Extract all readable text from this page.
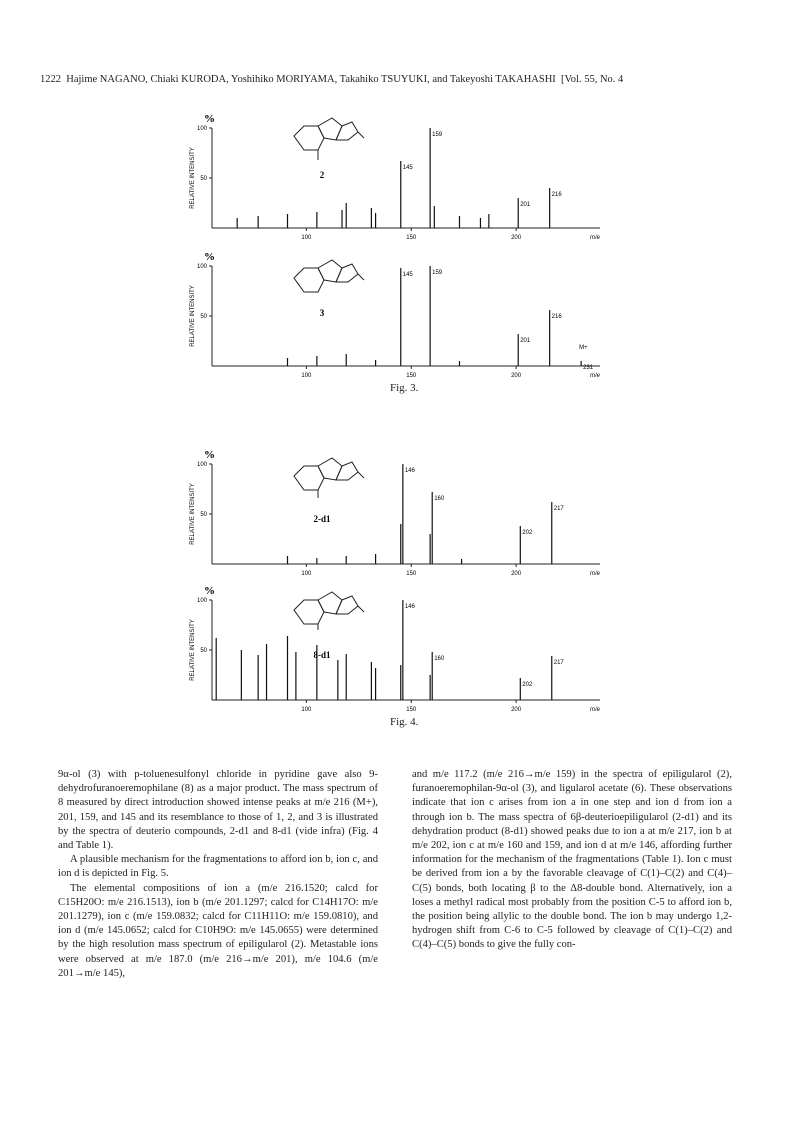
1222 Hajime NAGANO, Chiaki KURODA, Yoshihiko MORIYAMA, Takahiko TSUYUKI, and Takeyoshi TAKAHASHI [Vol. 55, No. 4
%
RELATIVE INTENSITY 50
100
100	150	200	m/e
145
159
201
216
2
%
RELATIVE INTENSITY 50
100
100	150	200	m/e
145	159
201
216
231
M+
3
Fig. 3.
%
RELATIVE INTENSITY 50
100
100	150	200	m/e
146
160
202
217
2-d1
%
RELATIVE INTENSITY 50
100
100	150	200	m/e
146
160
202
217
8-d1
Fig. 4.

9α-ol (3) with p-toluenesulfonyl chloride in pyridine gave also 9-dehydrofuranoeremophilane (8) as a major product. The mass spectrum of 8 measured by direct introduction showed intense peaks at m/e 216 (M+), 201, 159, and 145 and its resemblance to those of 1, 2, and 3 is illustrated by the spectra of deuterio compounds, 2-d1 and 8-d1 (vide infra) (Fig. 4 and Table 1).

A plausible mechanism for the fragmentations to afford ion b, ion c, and ion d is depicted in Fig. 5.

The elemental compositions of ion a (m/e 216.1520; calcd for C15H20O: m/e 216.1513), ion b (m/e 201.1297; calcd for C14H17O: m/e 201.1279), ion c (m/e 159.0832; calcd for C11H11O: m/e 159.0810), and ion d (m/e 145.0652; calcd for C10H9O: m/e 145.0655) were determined by the high resolution mass spectrum of epiligularol (2). Metastable ions were observed at m/e 187.0 (m/e 216→m/e 201), m/e 104.6 (m/e 201→m/e 145),

and m/e 117.2 (m/e 216→m/e 159) in the spectra of epiligularol (2), furanoeremophilan-9α-ol (3), and ligularol acetate (6). These observations indicate that ion c arises from ion a in one step and ion d from ion a through ion b. The mass spectra of 6β-deuterioepiligularol (2-d1) and its dehydration product (8-d1) showed peaks due to ion a at m/e 217, ion b at m/e 202, ion c at m/e 160 and 159, and ion d at m/e 146, affording further information for the mechanism of the fragmentations (Table 1). Ion c must be derived from ion a by the favorable cleavage of C(1)–C(2) and C(4)–C(5) bonds, both locating β to the Δ8-double bond. Alternatively, ion a loses a methyl radical most probably from the position C-5 to afford ion b, the position being allylic to the double bond. The ion b may undergo 1,2-hydrogen shift from C-6 to C-5 followed by cleavage of C(1)–C(2) and C(4)–C(5) bonds to give the fully con-
